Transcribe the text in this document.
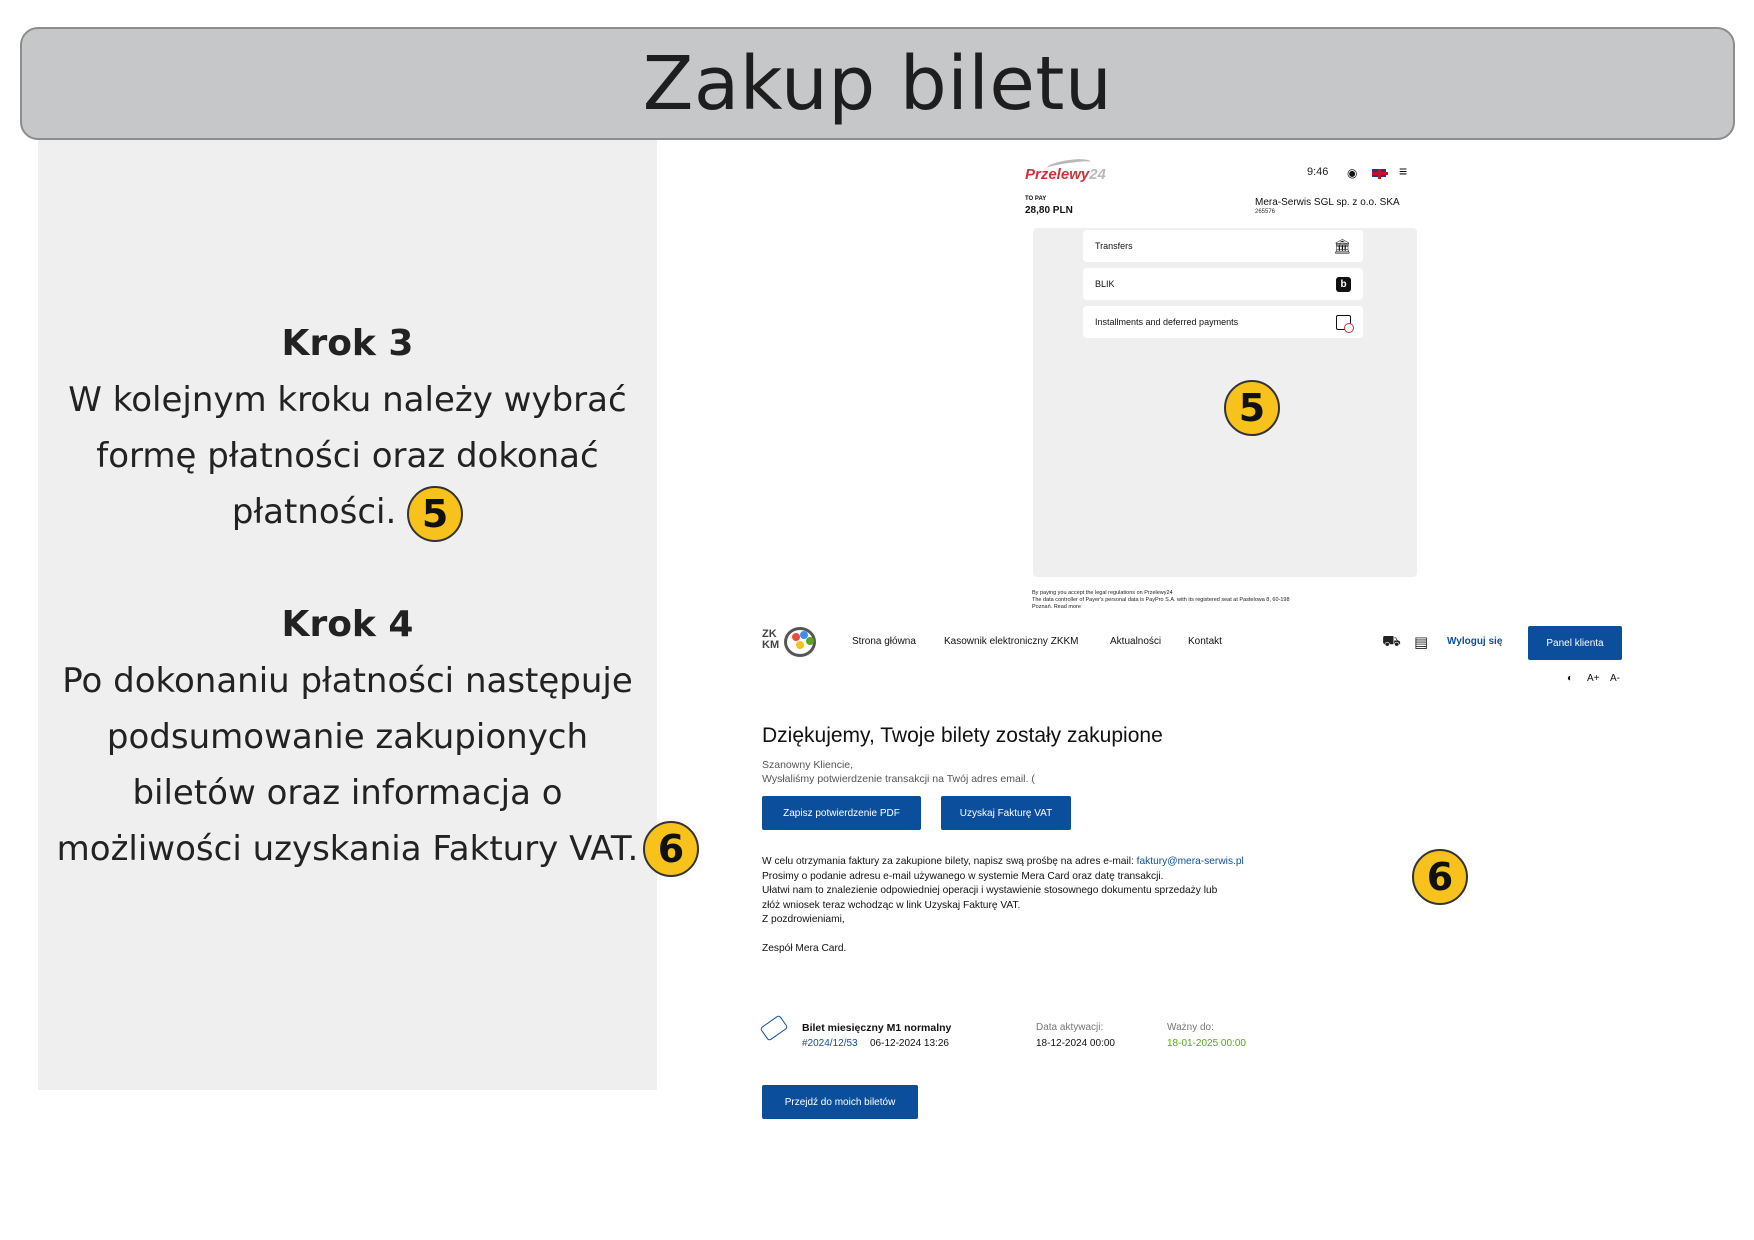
Zakup biletu
Krok 3
W kolejnym kroku należy wybrać
formę płatności oraz dokonać
płatności. 5
Krok 4
Po dokonaniu płatności następuje
podsumowanie zakupionych
biletów oraz informacja o
możliwości uzyskania Faktury VAT. 6
Przelewy24	9:46 ◉	≡
TO PAY
28,80 PLN
Mera-Serwis SGL sp. z o.o. SKA
265576
Transfers	🏛
BLIK	b
Installments and deferred payments
5
By paying you accept the legal regulations on Przelewy24
The data controller of Payer's personal data is PayPro S.A. with its registered seat at Pastelowa 8, 60-198
Poznań. Read more
ZK
KM	Strona główna	Kasownik elektroniczny ZKKM	Aktualności	Kontakt	⛟ ▤ Wyloguj się	Panel klienta
◐ A+ A-
Dziękujemy, Twoje bilety zostały zakupione
Szanowny Kliencie,
Wysłaliśmy potwierdzenie transakcji na Twój adres email. (
Zapisz potwierdzenie PDF	Uzyskaj Fakturę VAT
W celu otrzymania faktury za zakupione bilety, napisz swą prośbę na adres e-mail: faktury@mera-serwis.pl
Prosimy o podanie adresu e-mail używanego w systemie Mera Card oraz datę transakcji.
Ułatwi nam to znalezienie odpowiedniej operacji i wystawienie stosownego dokumentu sprzedaży lub
złóż wniosek teraz wchodząc w link Uzyskaj Fakturę VAT.
Z pozdrowieniami,
Zespół Mera Card.
6
Bilet miesięczny M1 normalny
#2024/12/53 06-12-2024 13:26
Data aktywacji:
18-12-2024 00:00
Ważny do:
18-01-2025 00:00
Przejdź do moich biletów
